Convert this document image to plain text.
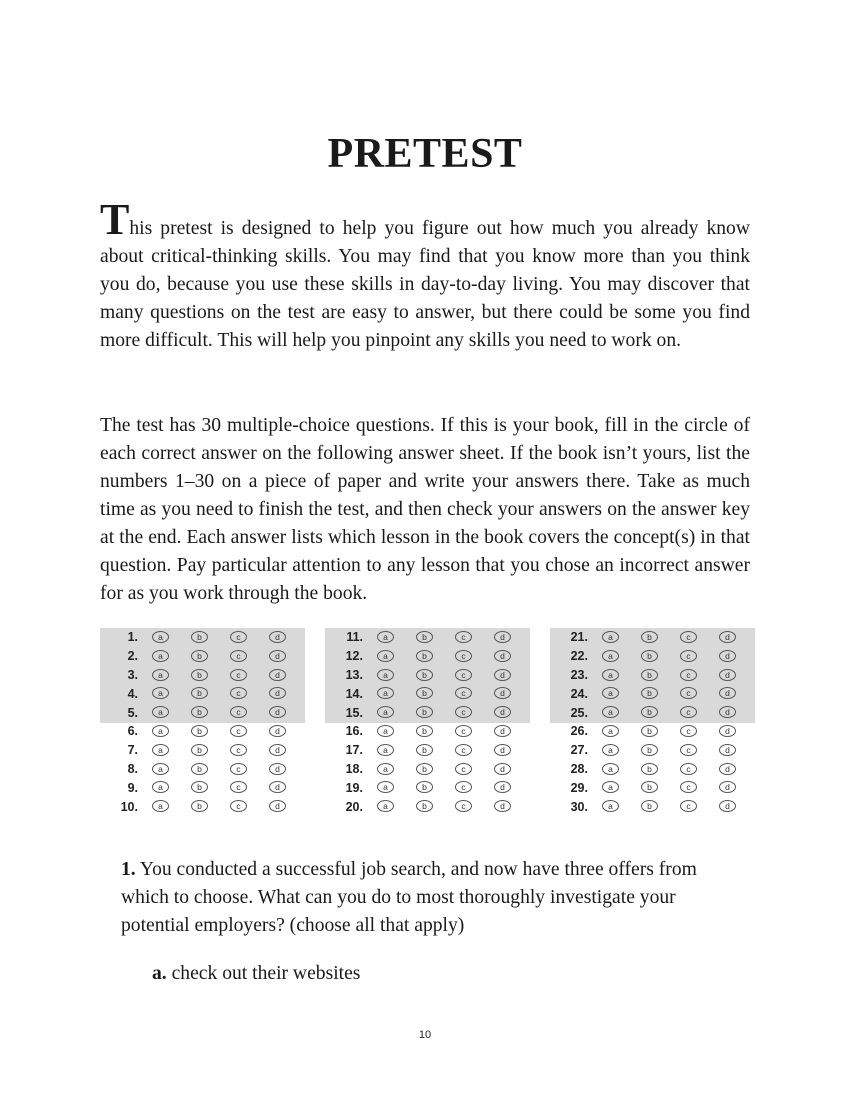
PRETEST

This pretest is designed to help you figure out how much you already know about critical-thinking skills. You may find that you know more than you think you do, because you use these skills in day-to-day living. You may discover that many questions on the test are easy to answer, but there could be some you find more difficult. This will help you pinpoint any skills you need to work on.

The test has 30 multiple-choice questions. If this is your book, fill in the circle of each correct answer on the following answer sheet. If the book isn’t yours, list the numbers 1–30 on a piece of paper and write your answers there. Take as much time as you need to finish the test, and then check your answers on the answer key at the end. Each answer lists which lesson in the book covers the concept(s) in that question. Pay particular attention to any lesson that you chose an incorrect answer for as you work through the book.

1.	a	b	c	d
2.	a	b	c	d
3.	a	b	c	d
4.	a	b	c	d
5.	a	b	c	d
6.	a	b	c	d
7.	a	b	c	d
8.	a	b	c	d
9.	a	b	c	d
10.	a	b	c	d
11.	a	b	c	d
12.	a	b	c	d
13.	a	b	c	d
14.	a	b	c	d
15.	a	b	c	d
16.	a	b	c	d
17.	a	b	c	d
18.	a	b	c	d
19.	a	b	c	d
20.	a	b	c	d
21.	a	b	c	d
22.	a	b	c	d
23.	a	b	c	d
24.	a	b	c	d
25.	a	b	c	d
26.	a	b	c	d
27.	a	b	c	d
28.	a	b	c	d
29.	a	b	c	d
30.	a	b	c	d

1. You conducted a successful job search, and now have three offers from which to choose. What can you do to most thoroughly investigate your potential employers? (choose all that apply)

a. check out their websites

10
